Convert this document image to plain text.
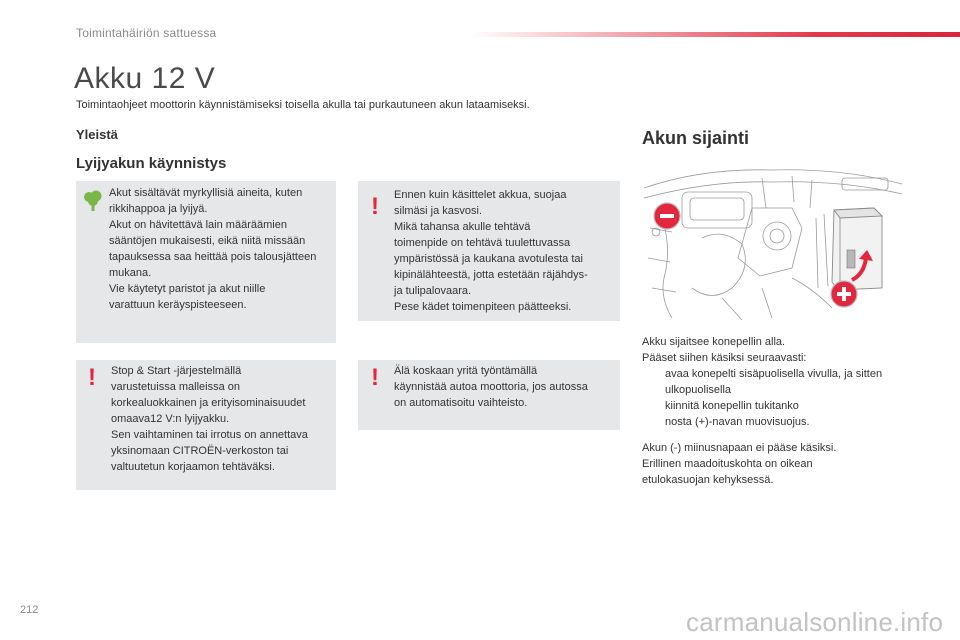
Toimintahäiriön sattuessa
Akku 12 V
Toimintaohjeet moottorin käynnistämiseksi toisella akulla tai purkautuneen akun lataamiseksi.
Yleistä
Lyijyakun käynnistys
Akun sijainti
Akut sisältävät myrkyllisiä aineita, kuten
rikkihappoa ja lyijyä.
Akut on hävitettävä lain määräämien
sääntöjen mukaisesti, eikä niitä missään
tapauksessa saa heittää pois talousjätteen
mukana.
Vie käytetyt paristot ja akut niille
varattuun keräyspisteeseen.
! Ennen kuin käsittelet akkua, suojaa
silmäsi ja kasvosi.
Mikä tahansa akulle tehtävä
toimenpide on tehtävä tuulettuvassa
ympäristössä ja kaukana avotulesta tai
kipinälähteestä, jotta estetään räjähdys-
ja tulipalovaara.
Pese kädet toimenpiteen päätteeksi.
! Stop & Start -järjestelmällä
varustetuissa malleissa on
korkealuokkainen ja erityisominaisuudet
omaava12 V:n lyijyakku.
Sen vaihtaminen tai irrotus on annettava
yksinomaan CITROËN-verkoston tai
valtuutetun korjaamon tehtäväksi.
! Älä koskaan yritä työntämällä
käynnistää autoa moottoria, jos autossa
on automatisoitu vaihteisto.
Akku sijaitsee konepellin alla.
Pääset siihen käsiksi seuraavasti:
avaa konepelti sisäpuolisella vivulla, ja sitten ulkopuolisella
kiinnitä konepellin tukitanko
nosta (+)-navan muovisuojus.
Akun (-) miinusnapaan ei pääse käsiksi.
Erillinen maadoituskohta on oikean
etulokasuojan kehyksessä.
212	carmanualsonline.info
